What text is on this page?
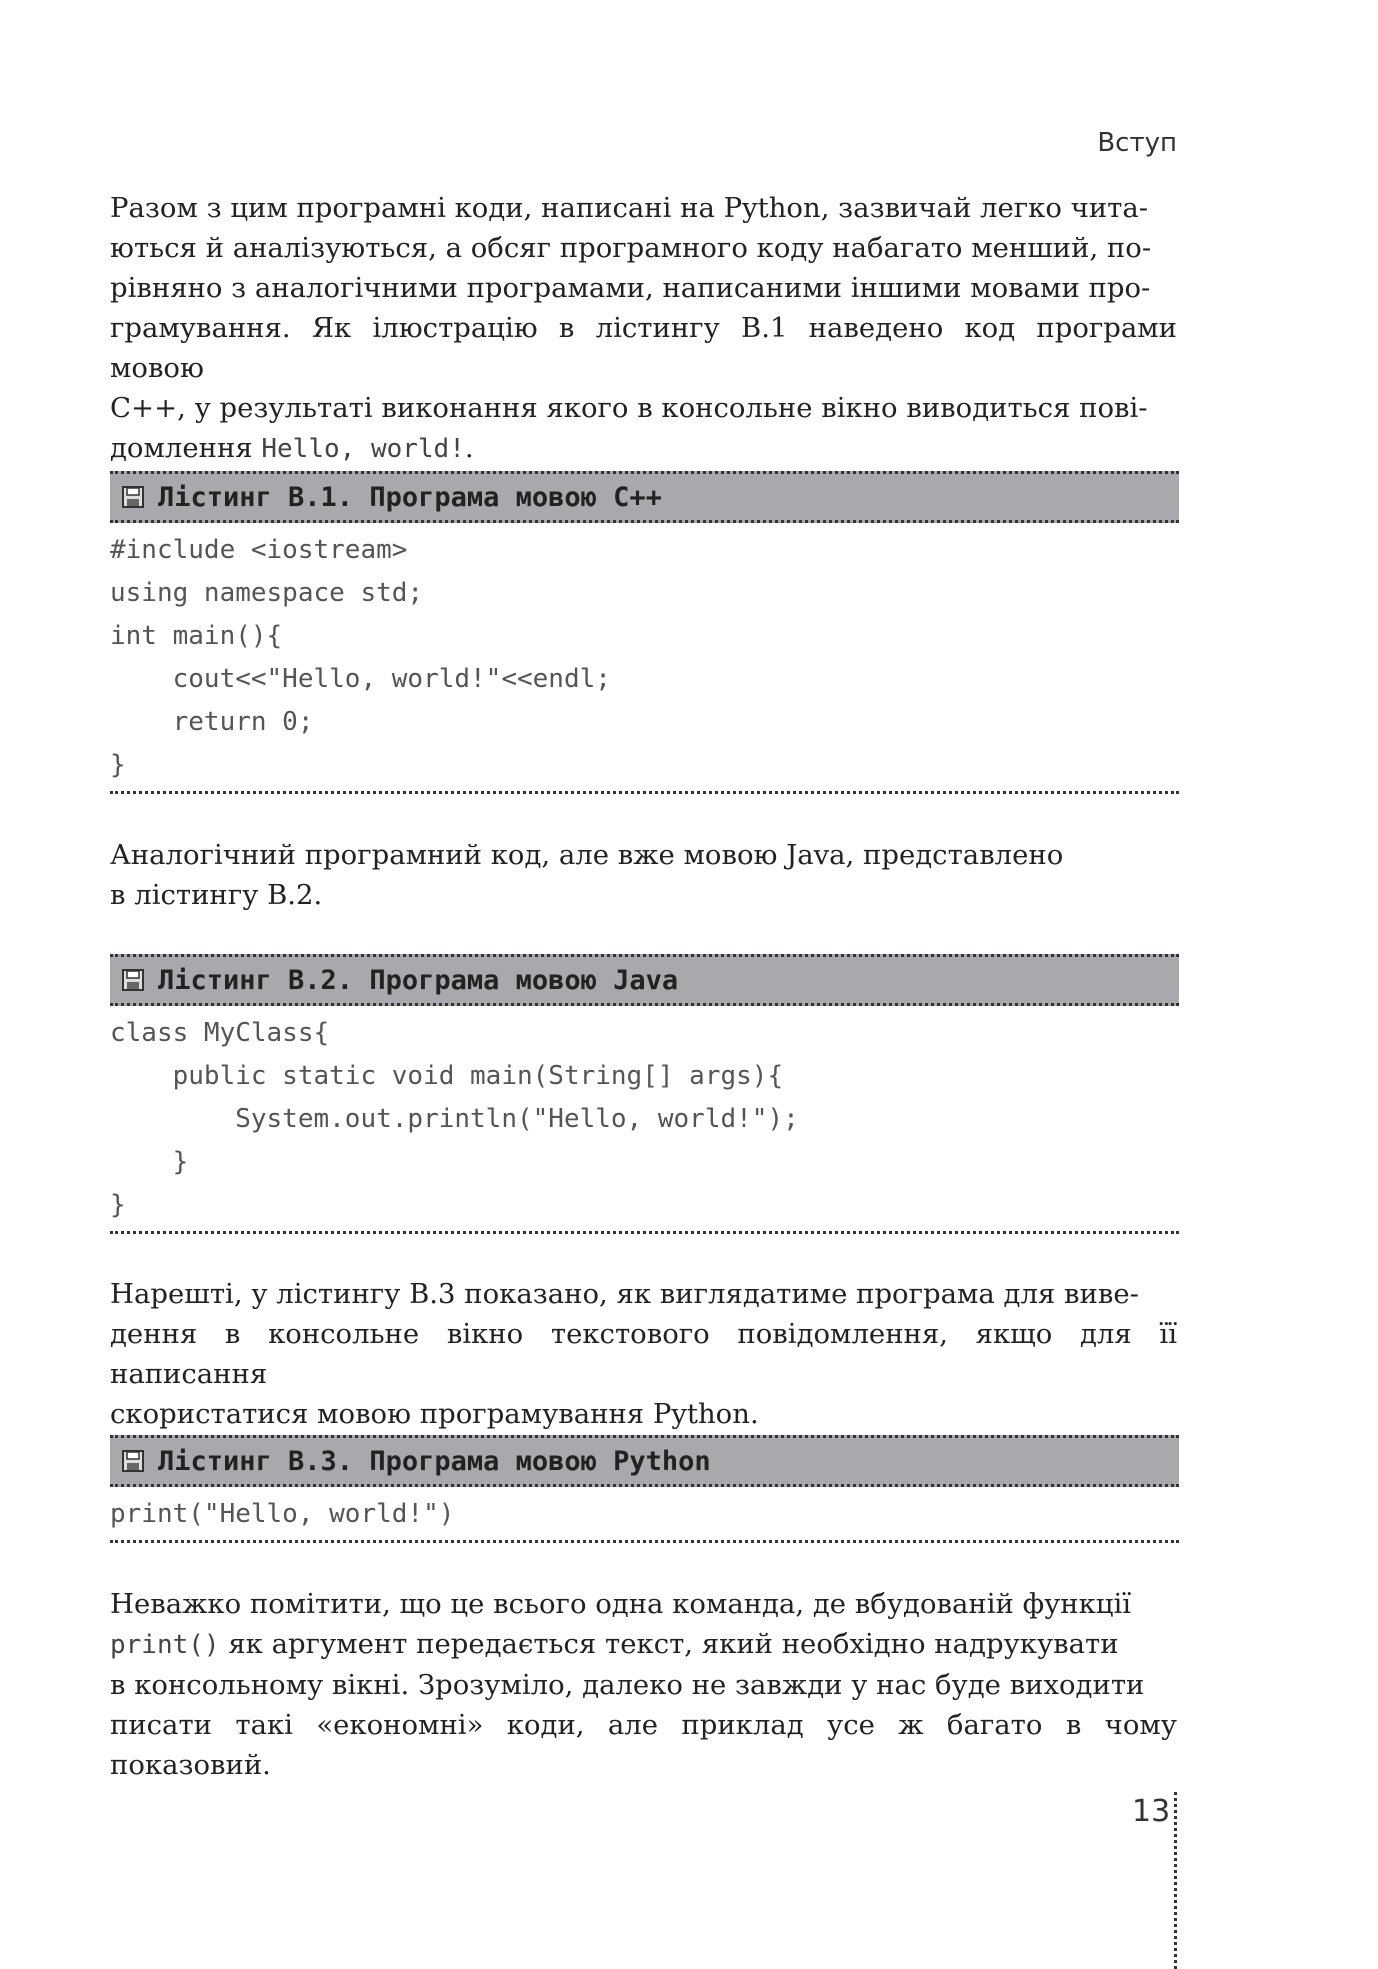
Вступ

Разом з цим програмні коди, написані на Python, зазвичай легко чита-

ються й аналізуються, а обсяг програмного коду набагато менший, по-

рівняно з аналогічними програмами, написаними іншими мовами про-

грамування. Як ілюстрацію в лістингу В.1 наведено код програми мовою

C++, у результаті виконання якого в консольне вікно виводиться пові-

домлення Hello, world!.

Лістинг В.1. Програма мовою C++
#include <iostream>
using namespace std;
int main(){
cout<<"Hello, world!"<<endl;
return 0;
}

Аналогічний програмний код, але вже мовою Java, представлено

в лістингу В.2.

Лістинг В.2. Програма мовою Java
class MyClass{
public static void main(String[] args){
System.out.println("Hello, world!");
}
}

Нарешті, у лістингу В.3 показано, як виглядатиме програма для виве-

дення в консольне вікно текстового повідомлення, якщо для її написання

скористатися мовою програмування Python.

Лістинг В.3. Програма мовою Python
print("Hello, world!")

Неважко помітити, що це всього одна команда, де вбудованій функції

print() як аргумент передається текст, який необхідно надрукувати

в консольному вікні. Зрозуміло, далеко не завжди у нас буде виходити

писати такі «економні» коди, але приклад усе ж багато в чому показовий.

13
